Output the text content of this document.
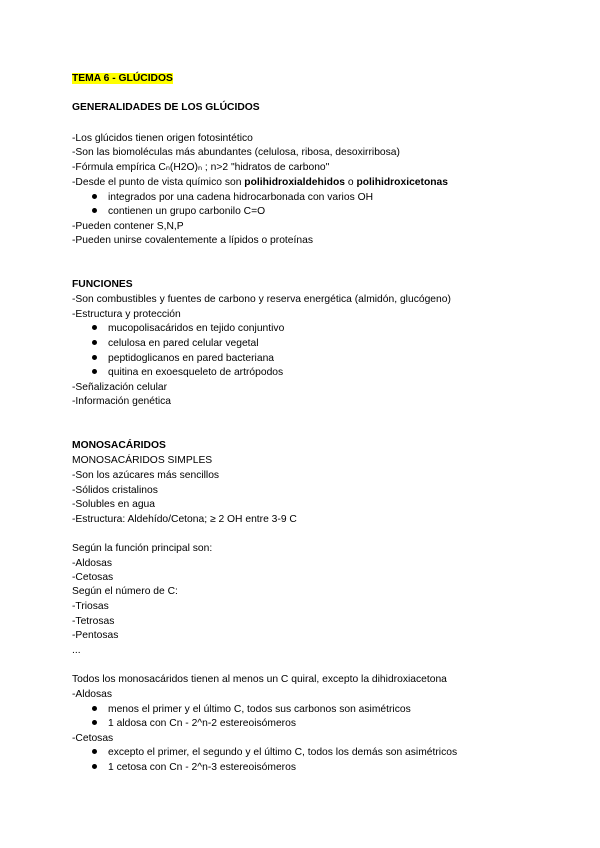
TEMA 6 - GLÚCIDOS
GENERALIDADES DE LOS GLÚCIDOS
-Los glúcidos tienen origen fotosintético
-Son las biomoléculas más abundantes (celulosa, ribosa, desoxirribosa)
-Fórmula empírica Cₙ(H2O)ₙ ; n>2 "hidratos de carbono"
-Desde el punto de vista químico son polihidroxialdehidos o polihidroxicetonas
integrados por una cadena hidrocarbonada con varios OH
contienen un grupo carbonilo C=O
-Pueden contener S,N,P
-Pueden unirse covalentemente a lípidos o proteínas
FUNCIONES
-Son combustibles y fuentes de carbono y reserva energética (almidón, glucógeno)
-Estructura y protección
mucopolisacáridos en tejido conjuntivo
celulosa en pared celular vegetal
peptidoglicanos en pared bacteriana
quitina en exoesqueleto de artrópodos
-Señalización celular
-Información genética
MONOSACÁRIDOS
MONOSACÁRIDOS SIMPLES
-Son los azúcares más sencillos
-Sólidos cristalinos
-Solubles en agua
-Estructura: Aldehído/Cetona; ≥ 2 OH entre 3-9 C
Según la función principal son:
-Aldosas
-Cetosas
Según el número de C:
-Triosas
-Tetrosas
-Pentosas
...
Todos los monosacáridos tienen al menos un C quiral, excepto la dihidroxiacetona
-Aldosas
menos el primer y el último C, todos sus carbonos son asimétricos
1 aldosa con Cn - 2^n-2 estereoisómeros
-Cetosas
excepto el primer, el segundo y el último C, todos los demás son asimétricos
1 cetosa con Cn - 2^n-3 estereoisómeros
